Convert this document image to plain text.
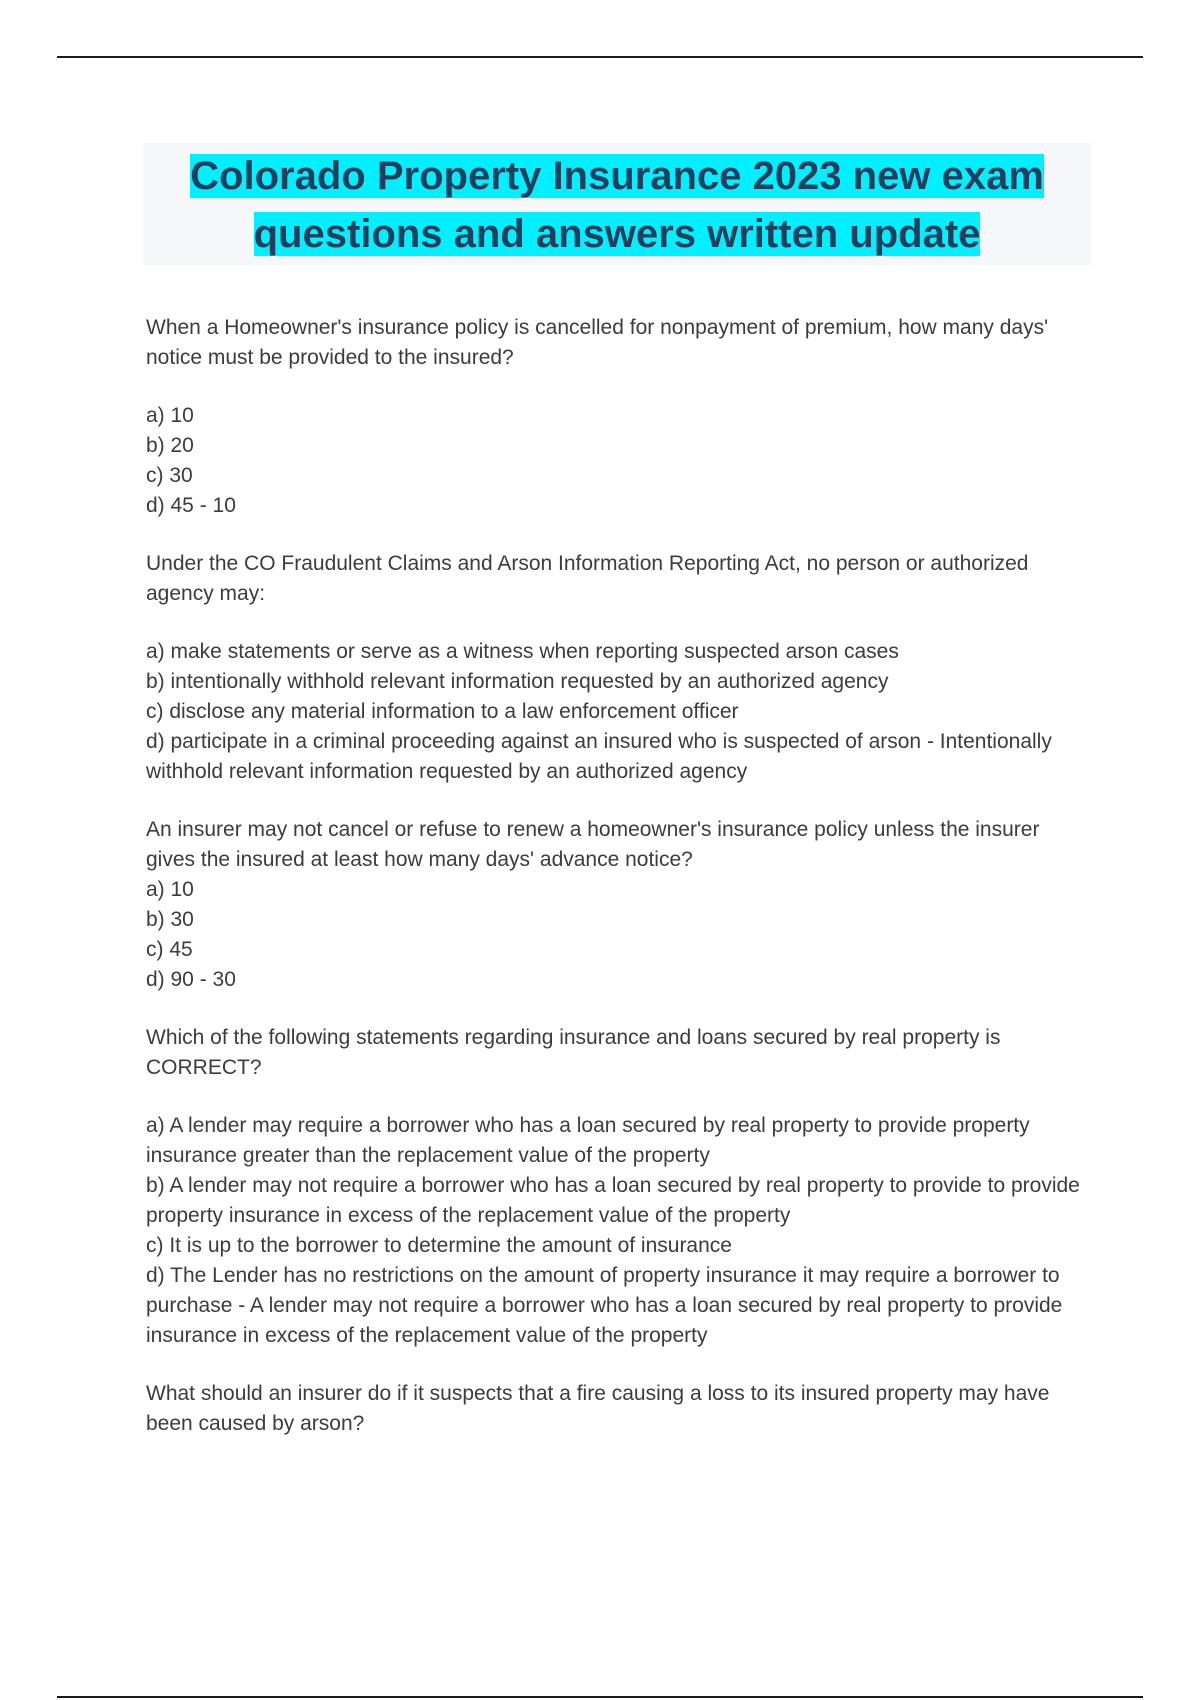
Colorado Property Insurance 2023 new exam
questions and answers written update
When a Homeowner's insurance policy is cancelled for nonpayment of premium, how many days' notice must be provided to the insured?
a) 10
b) 20
c) 30
d) 45 - 10
Under the CO Fraudulent Claims and Arson Information Reporting Act, no person or authorized agency may:
a) make statements or serve as a witness when reporting suspected arson cases
b) intentionally withhold relevant information requested by an authorized agency
c) disclose any material information to a law enforcement officer
d) participate in a criminal proceeding against an insured who is suspected of arson - Intentionally withhold relevant information requested by an authorized agency
An insurer may not cancel or refuse to renew a homeowner's insurance policy unless the insurer gives the insured at least how many days' advance notice?
a) 10
b) 30
c) 45
d) 90 - 30
Which of the following statements regarding insurance and loans secured by real property is CORRECT?
a) A lender may require a borrower who has a loan secured by real property to provide property insurance greater than the replacement value of the property
b) A lender may not require a borrower who has a loan secured by real property to provide to provide property insurance in excess of the replacement value of the property
c) It is up to the borrower to determine the amount of insurance
d) The Lender has no restrictions on the amount of property insurance it may require a borrower to purchase - A lender may not require a borrower who has a loan secured by real property to provide insurance in excess of the replacement value of the property
What should an insurer do if it suspects that a fire causing a loss to its insured property may have been caused by arson?
